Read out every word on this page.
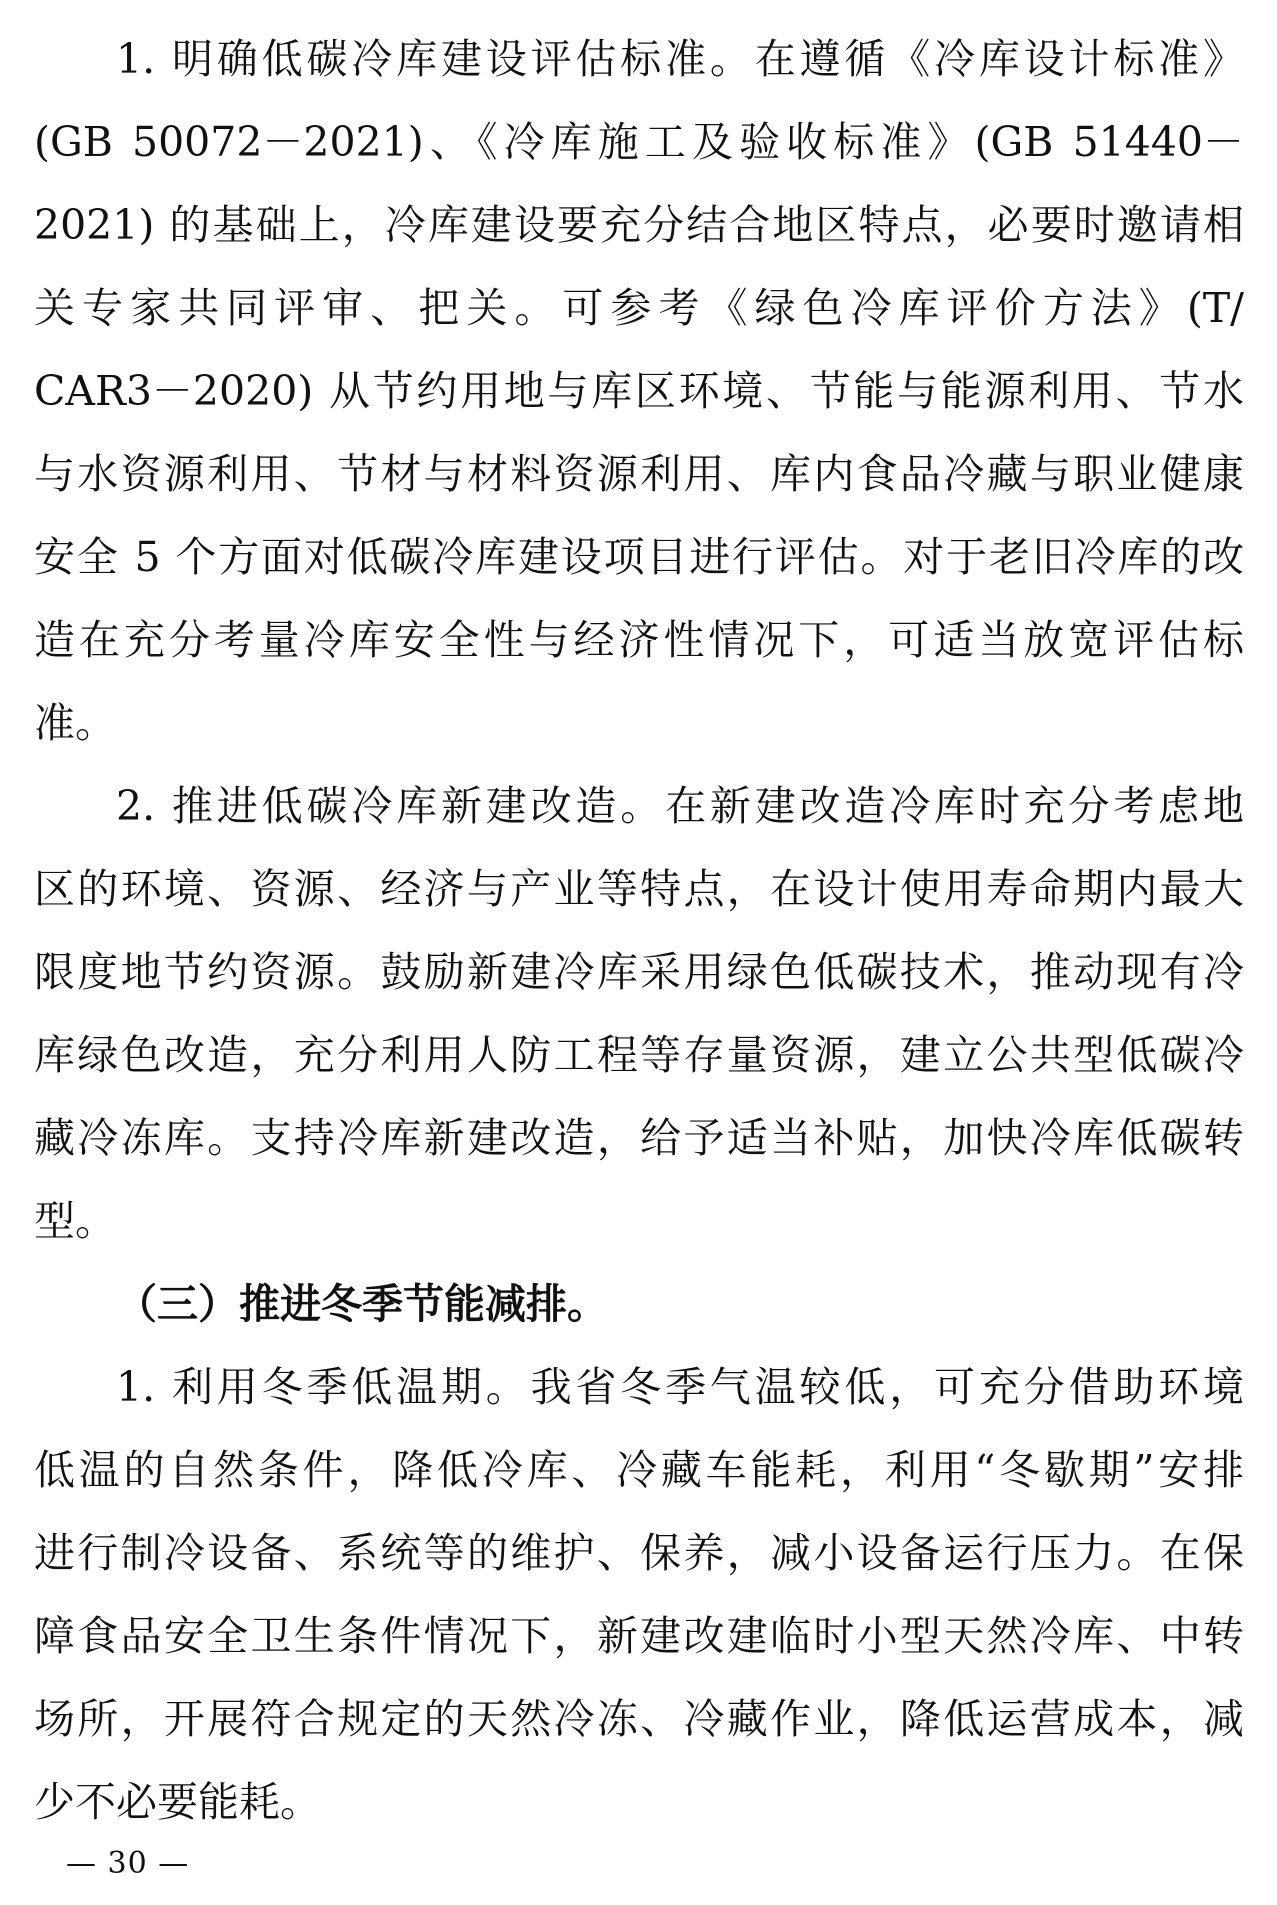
1. 明确低碳冷库建设评估标准。在遵循《冷库设计标准》
(GB 50072－2021)、《冷库施工及验收标准》(GB 51440－
2021) 的基础上，冷库建设要充分结合地区特点，必要时邀请相
关专家共同评审、把关。可参考《绿色冷库评价方法》(T/
CAR3－2020) 从节约用地与库区环境、节能与能源利用、节水
与水资源利用、节材与材料资源利用、库内食品冷藏与职业健康
安全 5 个方面对低碳冷库建设项目进行评估。对于老旧冷库的改
造在充分考量冷库安全性与经济性情况下，可适当放宽评估标
准。
2. 推进低碳冷库新建改造。在新建改造冷库时充分考虑地
区的环境、资源、经济与产业等特点，在设计使用寿命期内最大
限度地节约资源。鼓励新建冷库采用绿色低碳技术，推动现有冷
库绿色改造，充分利用人防工程等存量资源，建立公共型低碳冷
藏冷冻库。支持冷库新建改造，给予适当补贴，加快冷库低碳转
型。
（三）推进冬季节能减排。
1. 利用冬季低温期。我省冬季气温较低，可充分借助环境
低温的自然条件，降低冷库、冷藏车能耗，利用“冬歇期”安排
进行制冷设备、系统等的维护、保养，减小设备运行压力。在保
障食品安全卫生条件情况下，新建改建临时小型天然冷库、中转
场所，开展符合规定的天然冷冻、冷藏作业，降低运营成本，减
少不必要能耗。
— 30 —
